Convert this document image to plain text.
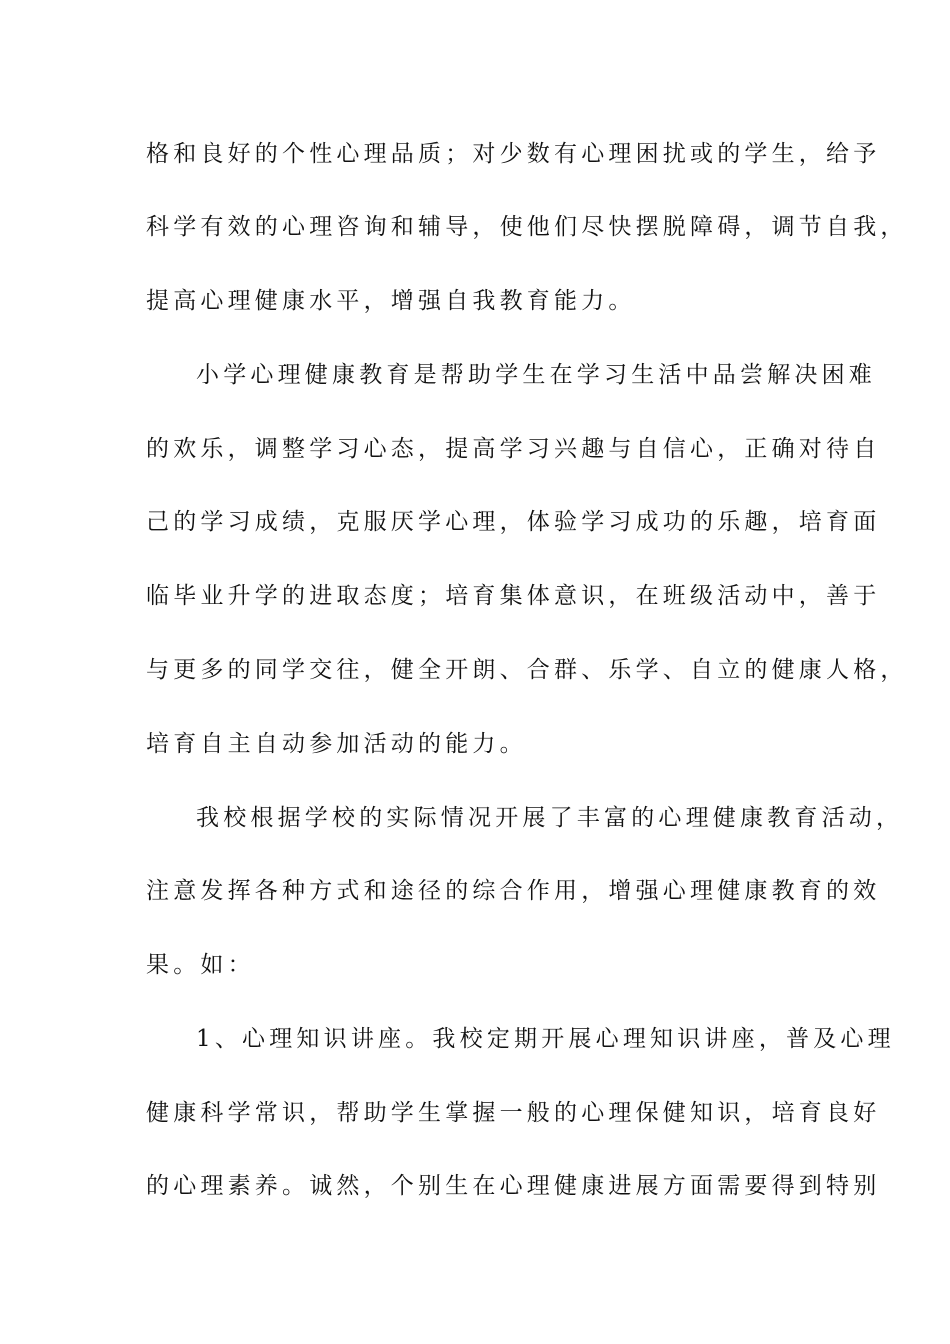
格和良好的个性心理品质；对少数有心理困扰或的学生，给予
科学有效的心理咨询和辅导，使他们尽快摆脱障碍，调节自我，
提高心理健康水平，增强自我教育能力。
小学心理健康教育是帮助学生在学习生活中品尝解决困难
的欢乐，调整学习心态，提高学习兴趣与自信心，正确对待自
己的学习成绩，克服厌学心理，体验学习成功的乐趣，培育面
临毕业升学的进取态度；培育集体意识，在班级活动中，善于
与更多的同学交往，健全开朗、合群、乐学、自立的健康人格，
培育自主自动参加活动的能力。
我校根据学校的实际情况开展了丰富的心理健康教育活动，
注意发挥各种方式和途径的综合作用，增强心理健康教育的效
果。如：
1、心理知识讲座。我校定期开展心理知识讲座，普及心理
健康科学常识，帮助学生掌握一般的心理保健知识，培育良好
的心理素养。诚然，个别生在心理健康进展方面需要得到特别
